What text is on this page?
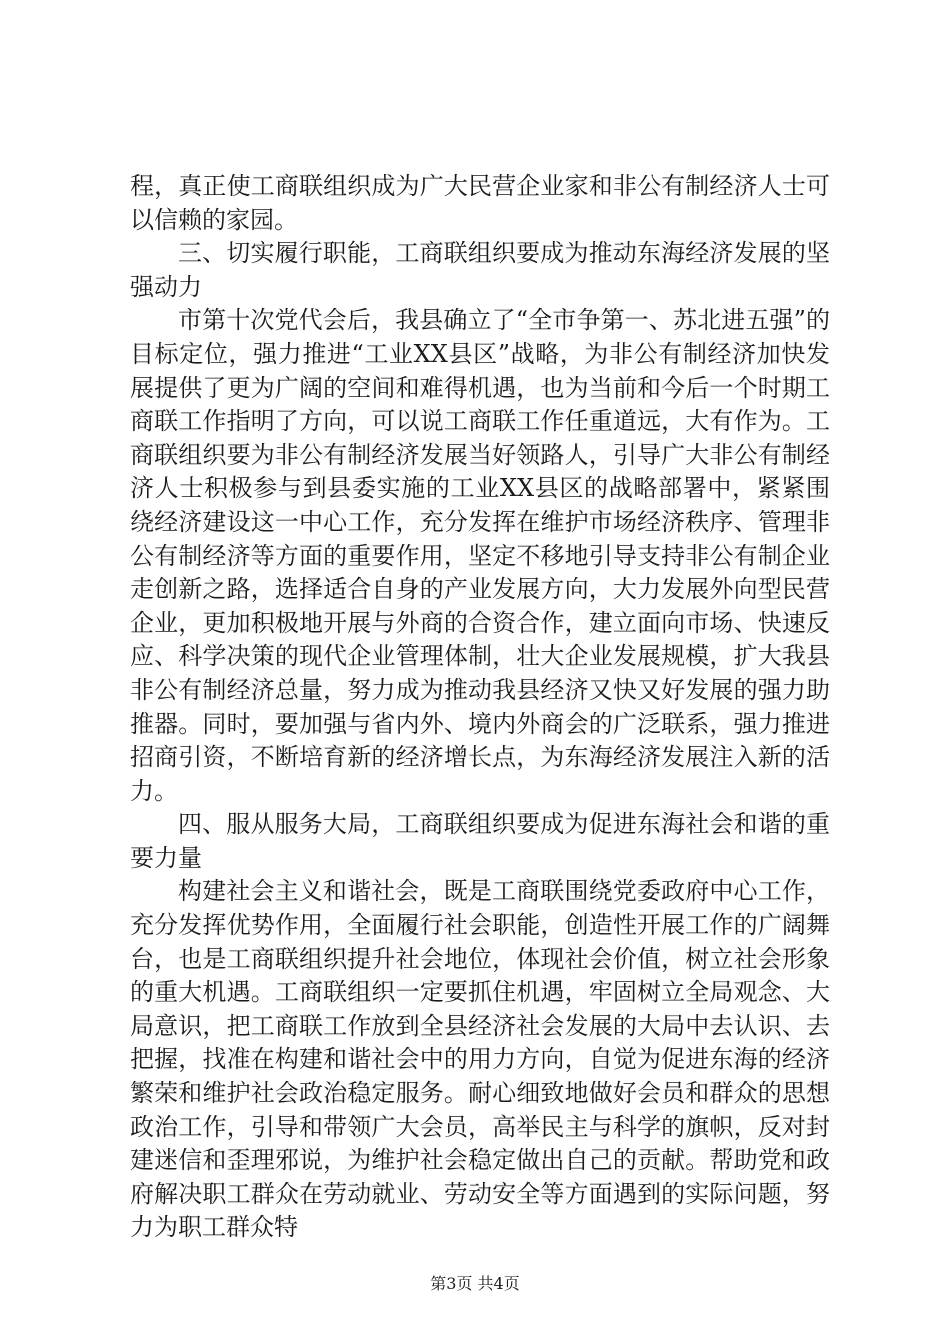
程，真正使工商联组织成为广大民营企业家和非公有制经济人士可以信赖的家园。

三、切实履行职能，工商联组织要成为推动东海经济发展的坚强动力

市第十次党代会后，我县确立了“全市争第一、苏北进五强”的目标定位，强力推进“工业XX县区”战略，为非公有制经济加快发展提供了更为广阔的空间和难得机遇，也为当前和今后一个时期工商联工作指明了方向，可以说工商联工作任重道远，大有作为。工商联组织要为非公有制经济发展当好领路人，引导广大非公有制经济人士积极参与到县委实施的工业XX县区的战略部署中，紧紧围绕经济建设这一中心工作，充分发挥在维护市场经济秩序、管理非公有制经济等方面的重要作用，坚定不移地引导支持非公有制企业走创新之路，选择适合自身的产业发展方向，大力发展外向型民营企业，更加积极地开展与外商的合资合作，建立面向市场、快速反应、科学决策的现代企业管理体制，壮大企业发展规模，扩大我县非公有制经济总量，努力成为推动我县经济又快又好发展的强力助推器。同时，要加强与省内外、境内外商会的广泛联系，强力推进招商引资，不断培育新的经济增长点，为东海经济发展注入新的活力。

四、服从服务大局，工商联组织要成为促进东海社会和谐的重要力量

构建社会主义和谐社会，既是工商联围绕党委政府中心工作，充分发挥优势作用，全面履行社会职能，创造性开展工作的广阔舞台，也是工商联组织提升社会地位，体现社会价值，树立社会形象的重大机遇。工商联组织一定要抓住机遇，牢固树立全局观念、大局意识，把工商联工作放到全县经济社会发展的大局中去认识、去把握，找准在构建和谐社会中的用力方向，自觉为促进东海的经济繁荣和维护社会政治稳定服务。耐心细致地做好会员和群众的思想政治工作，引导和带领广大会员，高举民主与科学的旗帜，反对封建迷信和歪理邪说，为维护社会稳定做出自己的贡献。帮助党和政府解决职工群众在劳动就业、劳动安全等方面遇到的实际问题，努力为职工群众特

第3页 共4页
